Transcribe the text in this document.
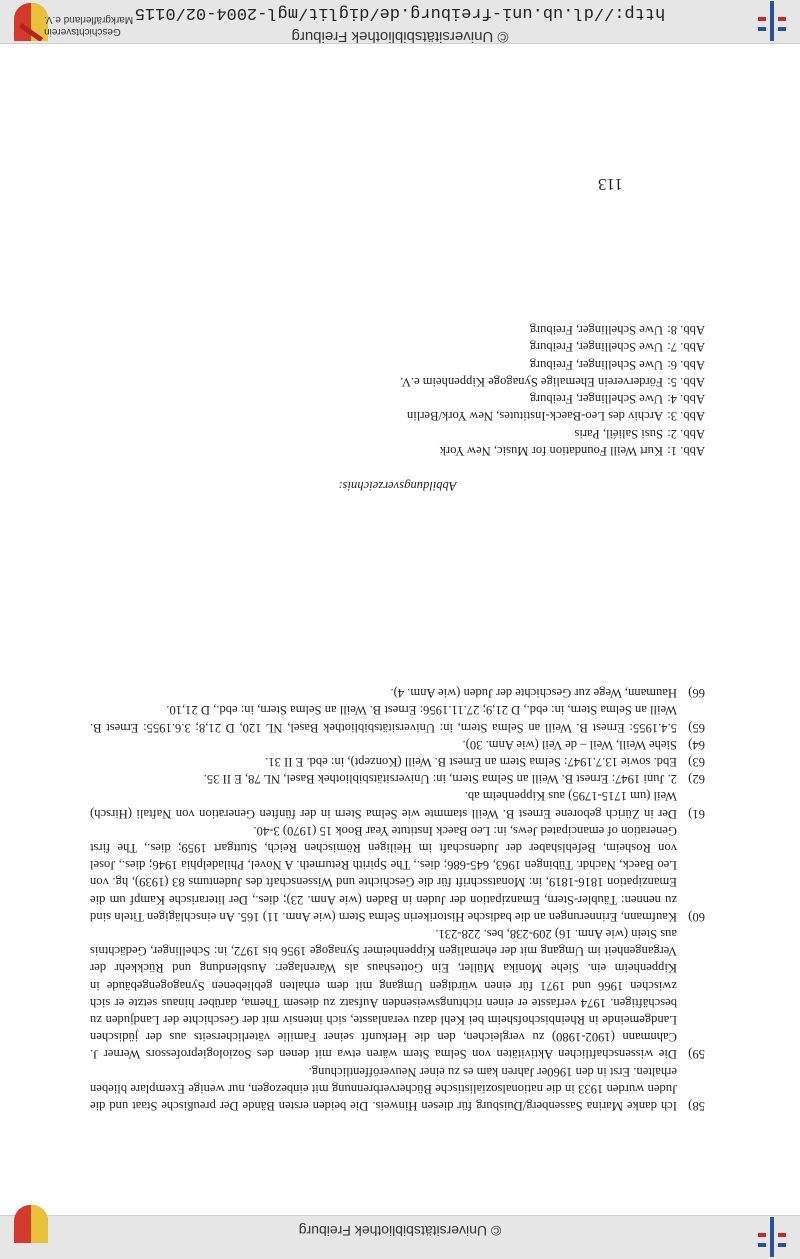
http://dl.ub.uni-freiburg.de/diglit/mgl-2004-02/0115
© Universitätsbibliothek Freiburg
Geschichtsverein
Markgräflerland e.V.
© Universitätsbibliothek Freiburg
58)
Ich danke Marina Sassenberg/Duisburg für diesen Hinweis. Die beiden ersten Bände Der preußische Staat und die Juden wurden 1933 in die nationalsozialistische Bücherverbrennung mit einbezogen, nur wenige Exemplare blieben erhalten. Erst in den 1960er Jahren kam es zu einer Neuveröffentlichung.
59)
Die wissenschaftlichen Aktivitäten von Selma Stern wären etwa mit denen des Soziologieprofessors Werner J. Cahnmann (1902-1980) zu vergleichen, den die Herkunft seiner Familie väterlicherseits aus der jüdischen Landgemeinde in Rheinbischofsheim bei Kehl dazu veranlasste, sich intensiv mit der Geschichte der Landjuden zu beschäftigen. 1974 verfasste er einen richtungsweisenden Aufsatz zu diesem Thema, darüber hinaus setzte er sich zwischen 1966 und 1971 für einen würdigen Umgang mit dem erhalten gebliebenen Synagogengebäude in Kippenheim ein. Siehe Monika Müller, Ein Gotteshaus als Warenlager: Ausblendung und Rückkehr der Vergangenheit im Umgang mit der ehemaligen Kippenheimer Synagoge 1956 bis 1972, in: Schellinger, Gedächtnis aus Stein (wie Anm. 16) 209-238, bes. 228-231.
60)
Kaufmann, Erinnerungen an die badische Historikerin Selma Stern (wie Anm. 11) 165. An einschlägigen Titeln sind zu nennen: Täubler-Stern, Emanzipation der Juden in Baden (wie Anm. 23); dies., Der literarische Kampf um die Emanzipation 1816-1819, in: Monatsschrift für die Geschichte und Wissenschaft des Judentums 83 (1939), hg. von Leo Baeck, Nachdr. Tübingen 1963, 645-686; dies., The Spirith Returneth. A Novel, Philadelphia 1946; dies., Josel von Rosheim, Befehlshaber der Judenschaft im Heiligen Römischen Reich, Stuttgart 1959; dies., The first Generation of emancipated Jews, in: Leo Baeck Institute Year Book 15 (1970) 3-40.
61)
Der in Zürich geborene Ernest B. Weill stammte wie Selma Stern in der fünften Generation von Naftali (Hirsch) Weil (um 1715-1795) aus Kippenheim ab.
62)
2. Juni 1947: Ernest B. Weill an Selma Stern, in: Universitätsbibliothek Basel, NL 78, E II 35.
63)
Ebd. sowie 13.7.1947: Selma Stern an Ernest B. Weill (Konzept), in: ebd. E II 31.
64)
Siehe Weill, Weil – de Veil (wie Anm. 30).
65)
5.4.1955: Ernest B. Weill an Selma Stern, in: Universitätsbibliothek Basel, NL 120, D 21,8; 3.6.1955: Ernest B. Weill an Selma Stern, in: ebd., D 21,9; 27.11.1956: Ernest B. Weill an Selma Stern, in: ebd., D 21,10.
66)
Haumann, Wege zur Geschichte der Juden (wie Anm. 4).
Abbildungsverzeichnis:
Abb. 1:
Kurt Weill Foundation for Music, New York
Abb. 2:
Susi Saliéil, Paris
Abb. 3:
Archiv des Leo-Baeck-Institutes, New York/Berlin
Abb. 4:
Uwe Schellinger, Freiburg
Abb. 5:
Förderverein Ehemalige Synagoge Kippenheim e.V.
Abb. 6:
Uwe Schellinger, Freiburg
Abb. 7:
Uwe Schellinger, Freiburg
Abb. 8:
Uwe Schellinger, Freiburg
113
